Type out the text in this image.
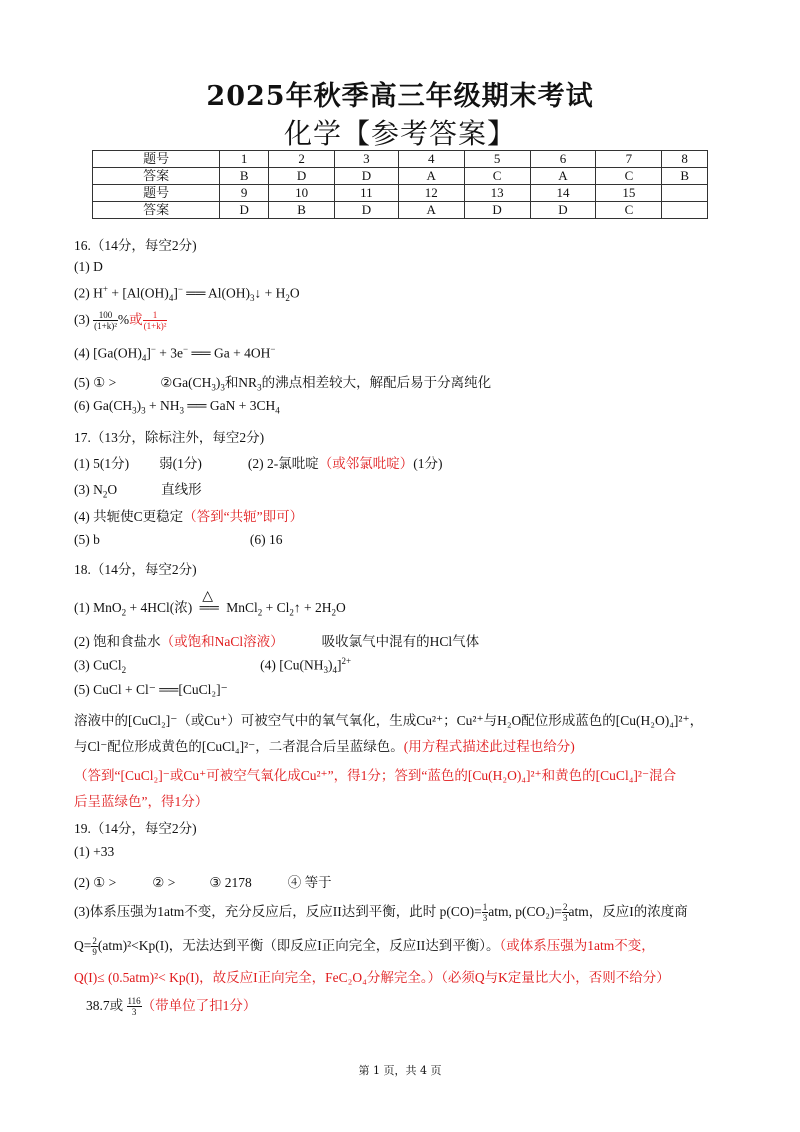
2025年秋季高三年级期末考试
化学【参考答案】
题号	1	2	3	4	5	6	7	8
答案	B	D	D	A	C	A	C	B
题号	9	10	11	12	13	14	15	
答案	D	B	D	A	D	D	C	
16.（14分，每空2分)
(1) D
(2) $H^+ + [Al(OH)_4]^-$ ══ $Al(OH)_3↓ + H_2O$
$(3) \frac{100}{\text{(1+k)²}}$ %或 $\frac{1}{\text{(1+k)²}}$
(4) $[Ga(OH)_4]^- + 3e^-$ ══ Ga + 4OH−
(5) ① >	$②Ga(CH_3)_3$和$NR_3$的沸点相差较大，解配后易于分离纯化
(6) $Ga(CH_3)_3 + NH_3$ ══ GaN + $3CH_4$
17.（13分，除标注外，每空2分)
(1) 5(1分) 弱(1分)	(2) 2-氯吡啶（或邻氯吡啶）(1分)
(3) $N_2O$	直线形
(4) 共轭使C更稳定（答到“共轭”即可）
(5) b	(6) 16
18.（14分，每空2分)
(1) MnO$_2$ + 4HCl(浓)
△
══ MnCl$_2$ + $Cl_2↑ + 2H_2O$
(2) 饱和食盐水（或饱和NaCl溶液）	吸收氯气中混有的HCl气体
(3) CuCl$_2$	(4) $[Cu(NH_3)_4]^{2+}$
(5) CuCl + Cl⁻ ══[CuCl₂]⁻
溶液中的[CuCl₂]⁻（或Cu⁺）可被空气中的氧气氧化，生成Cu²⁺；Cu²⁺与H₂O配位形成蓝色的[Cu(H₂O)₄]²⁺，
与Cl⁻配位形成黄色的[CuCl₄]²⁻，二者混合后呈蓝绿色。(用方程式描述此过程也给分)
（答到“[CuCl₂]⁻或Cu⁺可被空气氧化成Cu²⁺”，得1分；答到“蓝色的[Cu(H₂O)₄]²⁺和黄色的[CuCl₄]²⁻混合
后呈蓝绿色”，得1分）
19.（14分，每空2分)
(1) +33
(2) ① >	② >	③ 2178	④ 等于
(3)体系压强为1atm不变，充分反应后，反应II达到平衡，此时 $p(CO)= \frac{1}{3}$ atm, $p(CO_2)= \frac{2}{3}$ atm，反应I的浓度商
$Q= \frac{2}{9} (atm)^2<Kp(I)$，无法达到平衡（即反应I正向完全，反应II达到平衡）。（或体系压强为1atm不变，
Q(I)≤ (0.5atm)²< Kp(I)，故反应I正向完全，FeC₂O₄分解完全。）（必须Q与K定量比大小，否则不给分）
38.7或 $\frac{116}{3}$ （带单位了扣1分）
第 1 页，共 4 页
